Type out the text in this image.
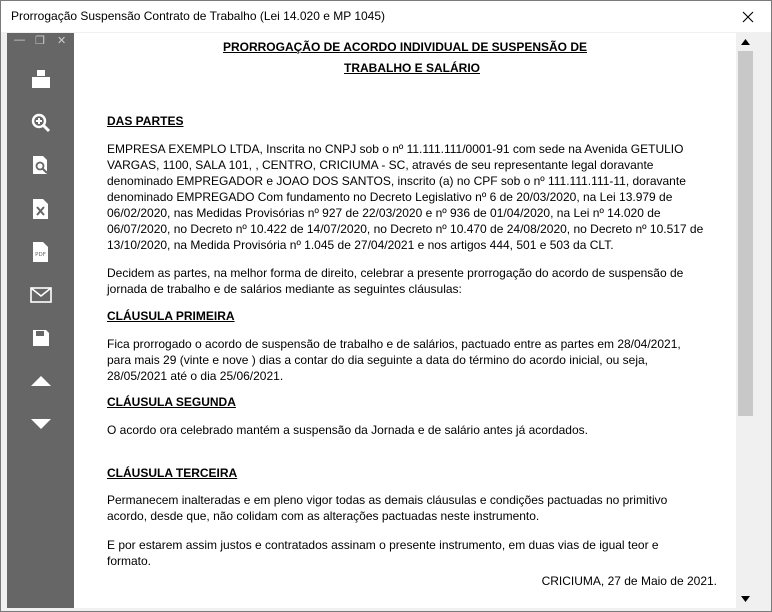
Prorrogação Suspensão Contrato de Trabalho (Lei 14.020 e MP 1045)
— ❐ ✕
PDF
PRORROGAÇÃO DE ACORDO INDIVIDUAL DE SUSPENSÃO DE
TRABALHO E SALÁRIO
DAS PARTES
EMPRESA EXEMPLO LTDA, Inscrita no CNPJ sob o nº 11.111.111/0001-91 com sede na Avenida GETULIO
VARGAS, 1100, SALA 101, , CENTRO, CRICIUMA - SC, através de seu representante legal doravante
denominado EMPREGADOR e JOAO DOS SANTOS, inscrito (a) no CPF sob o nº 111.111.111-11, doravante
denominado EMPREGADO Com fundamento no Decreto Legislativo nº 6 de 20/03/2020, na Lei 13.979 de
06/02/2020, nas Medidas Provisórias nº 927 de 22/03/2020 e nº 936 de 01/04/2020, na Lei nº 14.020 de
06/07/2020, no Decreto nº 10.422 de 14/07/2020, no Decreto nº 10.470 de 24/08/2020, no Decreto nº 10.517 de
13/10/2020, na Medida Provisória nº 1.045 de 27/04/2021 e nos artigos 444, 501 e 503 da CLT.
Decidem as partes, na melhor forma de direito, celebrar a presente prorrogação do acordo de suspensão de
jornada de trabalho e de salários mediante as seguintes cláusulas:
CLÁUSULA PRIMEIRA
Fica prorrogado o acordo de suspensão de trabalho e de salários, pactuado entre as partes em 28/04/2021,
para mais 29 (vinte e nove ) dias a contar do dia seguinte a data do término do acordo inicial, ou seja,
28/05/2021 até o dia 25/06/2021.
CLÁUSULA SEGUNDA
O acordo ora celebrado mantém a suspensão da Jornada e de salário antes já acordados.
CLÁUSULA TERCEIRA
Permanecem inalteradas e em pleno vigor todas as demais cláusulas e condições pactuadas no primitivo
acordo, desde que, não colidam com as alterações pactuadas neste instrumento.
E por estarem assim justos e contratados assinam o presente instrumento, em duas vias de igual teor e
formato.
CRICIUMA, 27 de Maio de 2021.
